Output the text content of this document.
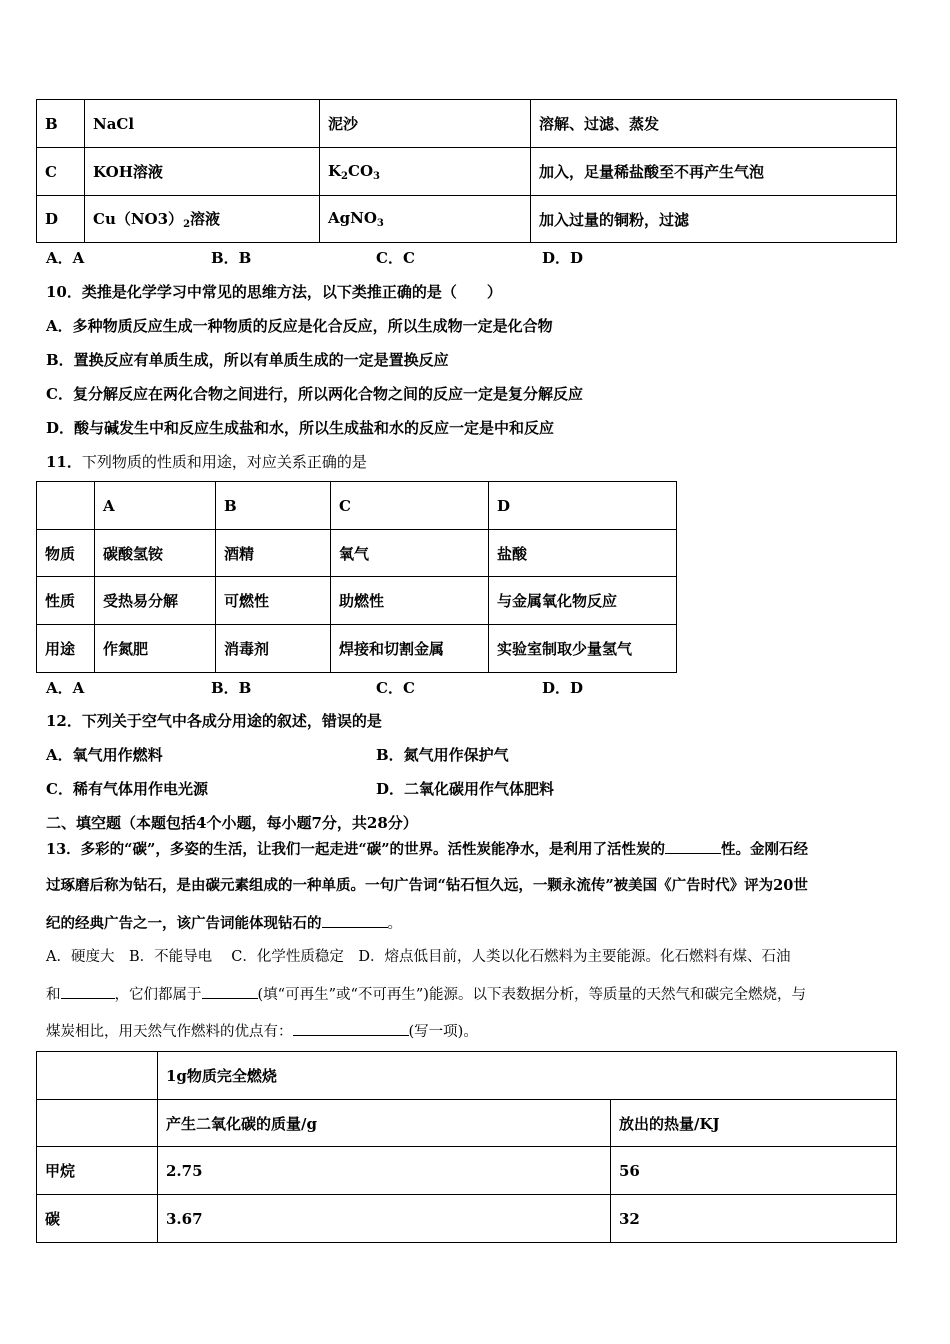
B	NaCl	泥沙	溶解、过滤、蒸发
C	KOH溶液	$K_2CO_3$	加入，足量稀盐酸至不再产生气泡
D	$Cu(NO3)_2$溶液	AgNO$_3$	加入过量的铜粉，过滤
A．A	B．B	C．C	D．D
10．类推是化学学习中常见的思维方法，以下类推正确的是（　　）
A．多种物质反应生成一种物质的反应是化合反应，所以生成物一定是化合物
B．置换反应有单质生成，所以有单质生成的一定是置换反应
C．复分解反应在两化合物之间进行，所以两化合物之间的反应一定是复分解反应
D．酸与碱发生中和反应生成盐和水，所以生成盐和水的反应一定是中和反应
11．下列物质的性质和用途，对应关系正确的是
	A	B	C	D
物质	碳酸氢铵	酒精	氧气	盐酸
性质	受热易分解	可燃性	助燃性	与金属氧化物反应
用途	作氮肥	消毒剂	焊接和切割金属	实验室制取少量氢气
A．A	B．B	C．C	D．D
12．下列关于空气中各成分用途的叙述，错误的是
A．氧气用作燃料	B．氮气用作保护气
C．稀有气体用作电光源	D．二氧化碳用作气体肥料
二、填空题（本题包括4个小题，每小题7分，共28分）
13．多彩的“碳”，多姿的生活，让我们一起走进“碳”的世界。活性炭能净水，是利用了活性炭的	性。金刚石经
过琢磨后称为钻石，是由碳元素组成的一种单质。一句广告词“钻石恒久远，一颗永流传”被美国《广告时代》评为20世
纪的经典广告之一，该广告词能体现钻石的	。
A．硬度大　B．不能导电　 C．化学性质稳定　D．熔点低目前，人类以化石燃料为主要能源。化石燃料有煤、石油
和	，它们都属于	(填“可再生”或“不可再生”)能源。以下表数据分析，等质量的天然气和碳完全燃烧，与
煤炭相比，用天然气作燃料的优点有：	(写一项)。
	1g物质完全燃烧	
	产生二氧化碳的质量/g	放出的热量/KJ
甲烷	2.75	56
碳	3.67	32
